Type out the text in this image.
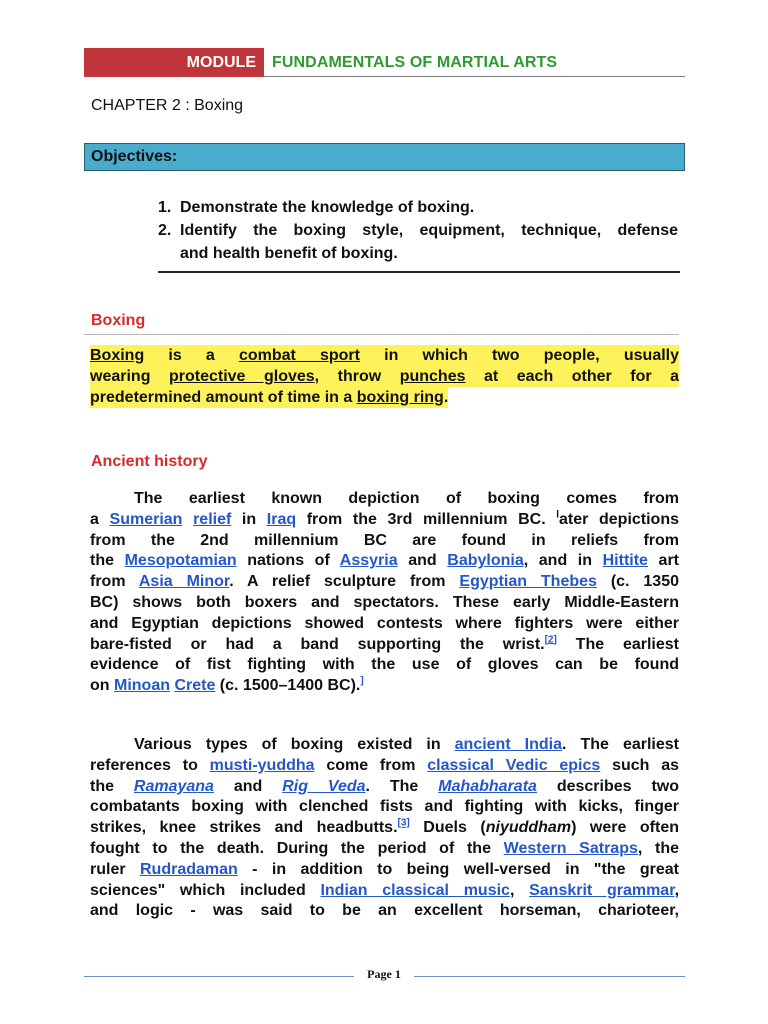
MODULE	FUNDAMENTALS OF MARTIAL ARTS
CHAPTER 2 : Boxing
Objectives:
1. Demonstrate the knowledge of boxing.
2. Identify the boxing style, equipment, technique, defense
and health benefit of boxing.
Boxing
Boxing is a combat sport in which two people, usually
wearing protective gloves, throw punches at each other for a
predetermined amount of time in a boxing ring.
Ancient history
The earliest known depiction of boxing comes from
a Sumerian relief in Iraq from the 3rd millennium BC. $^l$ater depictions
from the 2nd millennium BC are found in reliefs from
the Mesopotamian nations of Assyria and Babylonia, and in Hittite art
from Asia Minor. A relief sculpture from Egyptian Thebes (c. 1350
BC) shows both boxers and spectators. These early Middle-Eastern
and Egyptian depictions showed contests where fighters were either
bare-fisted or had a band supporting the wrist.[2] The earliest
evidence of fist fighting with the use of gloves can be found
on Minoan Crete (c. 1500–1400 BC).]
Various types of boxing existed in ancient India. The earliest
references to musti-yuddha come from classical Vedic epics such as
the Ramayana and Rig Veda. The Mahabharata describes two
combatants boxing with clenched fists and fighting with kicks, finger
strikes, knee strikes and headbutts.[3] Duels (niyuddham) were often
fought to the death. During the period of the Western Satraps, the
ruler Rudradaman - in addition to being well-versed in "the great
sciences" which included Indian classical music, Sanskrit grammar,
and logic - was said to be an excellent horseman, charioteer,
Page 1
